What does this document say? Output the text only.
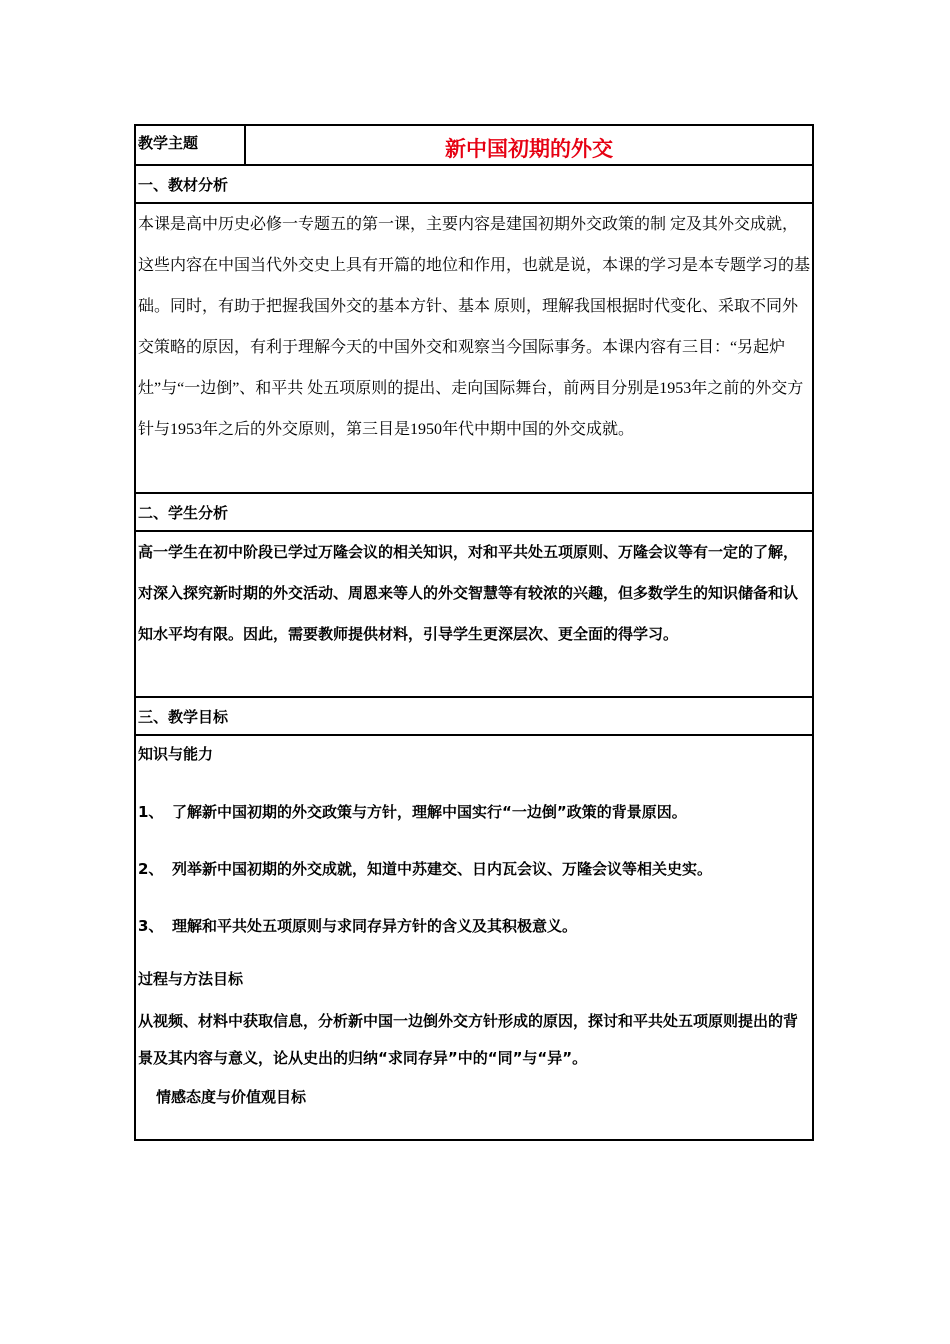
教学主题	新中国初期的外交
一、教材分析
本课是高中历史必修一专题五的第一课，主要内容是建国初期外交政策的制 定及其外交成就，这些内容在中国当代外交史上具有开篇的地位和作用，也就是说，本课的学习是本专题学习的基础。同时，有助于把握我国外交的基本方针、基本 原则，理解我国根据时代变化、采取不同外交策略的原因，有利于理解今天的中国外交和观察当今国际事务。本课内容有三目：“另起炉灶”与“一边倒”、和平共 处五项原则的提出、走向国际舞台，前两目分别是1953年之前的外交方针与1953年之后的外交原则，第三目是1950年代中期中国的外交成就。
二、学生分析
高一学生在初中阶段已学过万隆会议的相关知识，对和平共处五项原则、万隆会议等有一定的了解，对深入探究新时期的外交活动、周恩来等人的外交智慧等有较浓的兴趣，但多数学生的知识储备和认知水平均有限。因此，需要教师提供材料，引导学生更深层次、更全面的得学习。
三、教学目标

知识与能力

1、 了解新中国初期的外交政策与方针，理解中国实行“一边倒”政策的背景原因。

2、 列举新中国初期的外交成就，知道中苏建交、日内瓦会议、万隆会议等相关史实。

3、 理解和平共处五项原则与求同存异方针的含义及其积极意义。

过程与方法目标

从视频、材料中获取信息，分析新中国一边倒外交方针形成的原因，探讨和平共处五项原则提出的背景及其内容与意义，论从史出的归纳“求同存异”中的“同”与“异”。

情感态度与价值观目标
